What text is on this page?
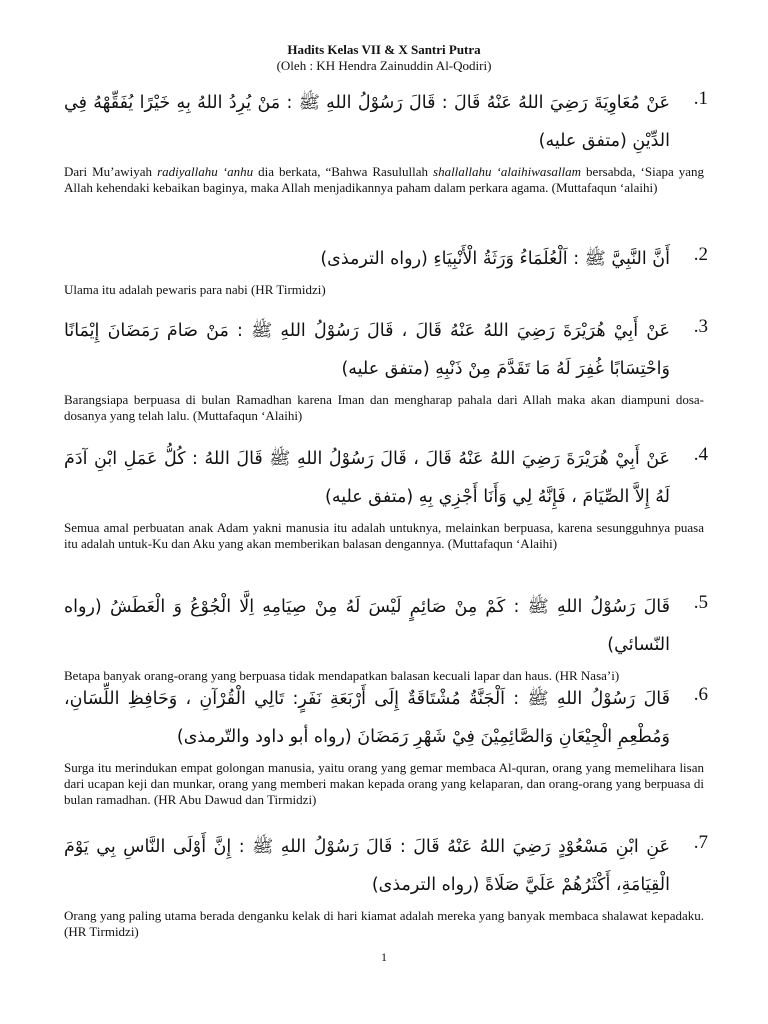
Hadits Kelas VII & X Santri Putra
(Oleh : KH Hendra Zainuddin Al-Qodiri)
.1
عَنْ مُعَاوِيَةَ رَضِيَ اللهُ عَنْهُ قَالَ : قَالَ رَسُوْلُ اللهِ ﷺ : مَنْ يُرِدُ اللهُ بِهِ خَيْرًا يُفَقِّهْهُ فِي الدِّيْنِ (متفق عليه)
Dari Mu’awiyah radiyallahu ‘anhu dia berkata, “Bahwa Rasulullah shallallahu ‘alaihiwasallam bersabda, ‘Siapa yang Allah kehendaki kebaikan baginya, maka Allah menjadikannya paham dalam perkara agama. (Muttafaqun ‘alaihi)
.2
أَنَّ النَّبِيَّ ﷺ : اَلْعُلَمَاءُ وَرَثَةُ الْأَنْبِيَاءِ (رواه الترمذى)
Ulama itu adalah pewaris para nabi (HR Tirmidzi)
.3
عَنْ أَبِيْ هُرَيْرَةَ رَضِيَ اللهُ عَنْهُ قَالَ ، قَالَ رَسُوْلُ اللهِ ﷺ : مَنْ صَامَ رَمَضَانَ إِيْمَانًا وَاحْتِسَابًا غُفِرَ لَهُ مَا تَقَدَّمَ مِنْ ذَنْبِهِ (متفق عليه)
Barangsiapa berpuasa di bulan Ramadhan karena Iman dan mengharap pahala dari Allah maka akan diampuni dosa-dosanya yang telah lalu. (Muttafaqun ‘Alaihi)
.4
عَنْ أَبِيْ هُرَيْرَةَ رَضِيَ اللهُ عَنْهُ قَالَ ، قَالَ رَسُوْلُ اللهِ ﷺ قَالَ اللهُ : كُلُّ عَمَلِ ابْنِ آدَمَ لَهُ إِلاَّ الصِّيَامَ ، فَإِنَّهُ لِي وَأَنَا أَجْزِي بِهِ (متفق عليه)
Semua amal perbuatan anak Adam yakni manusia itu adalah untuknya, melainkan berpuasa, karena sesungguhnya puasa itu adalah untuk-Ku dan Aku yang akan memberikan balasan dengannya. (Muttafaqun ‘Alaihi)
.5
قَالَ رَسُوْلُ اللهِ ﷺ : كَمْ مِنْ صَائِمٍ لَيْسَ لَهُ مِنْ صِيَامِهِ اِلَّا الْجُوْعُ وَ الْعَطَشُ (رواه النّسائي)
Betapa banyak orang-orang yang berpuasa tidak mendapatkan balasan kecuali lapar dan haus. (HR Nasa’i)
.6
قَالَ رَسُوْلُ اللهِ ﷺ : اَلْجَنَّةُ مُشْتَاقَةٌ إِلَى أَرْبَعَةِ نَفَرٍ: تَالِي الْقُرْآنِ ، وَحَافِظِ اللِّسَانِ، وَمُطْعِمِ الْجِيْعَانِ وَالصَّائِمِيْنَ فِيْ شَهْرِ رَمَضَانَ (رواه أبو داود والتّرمذى)
Surga itu merindukan empat golongan manusia, yaitu orang yang gemar membaca Al-quran, orang yang memelihara lisan dari ucapan keji dan munkar, orang yang memberi makan kepada orang yang kelaparan, dan orang-orang yang berpuasa di bulan ramadhan. (HR Abu Dawud dan Tirmidzi)
.7
عَنِ ابْنِ مَسْعُوْدٍ رَضِيَ اللهُ عَنْهُ قَالَ : قَالَ رَسُوْلُ اللهِ ﷺ : إِنَّ أَوْلَى النَّاسِ بِي يَوْمَ الْقِيَامَةِ، أَكْثَرُهُمْ عَلَيَّ صَلَاةً (رواه الترمذى)
Orang yang paling utama berada denganku kelak di hari kiamat adalah mereka yang banyak membaca shalawat kepadaku. (HR Tirmidzi)
1
